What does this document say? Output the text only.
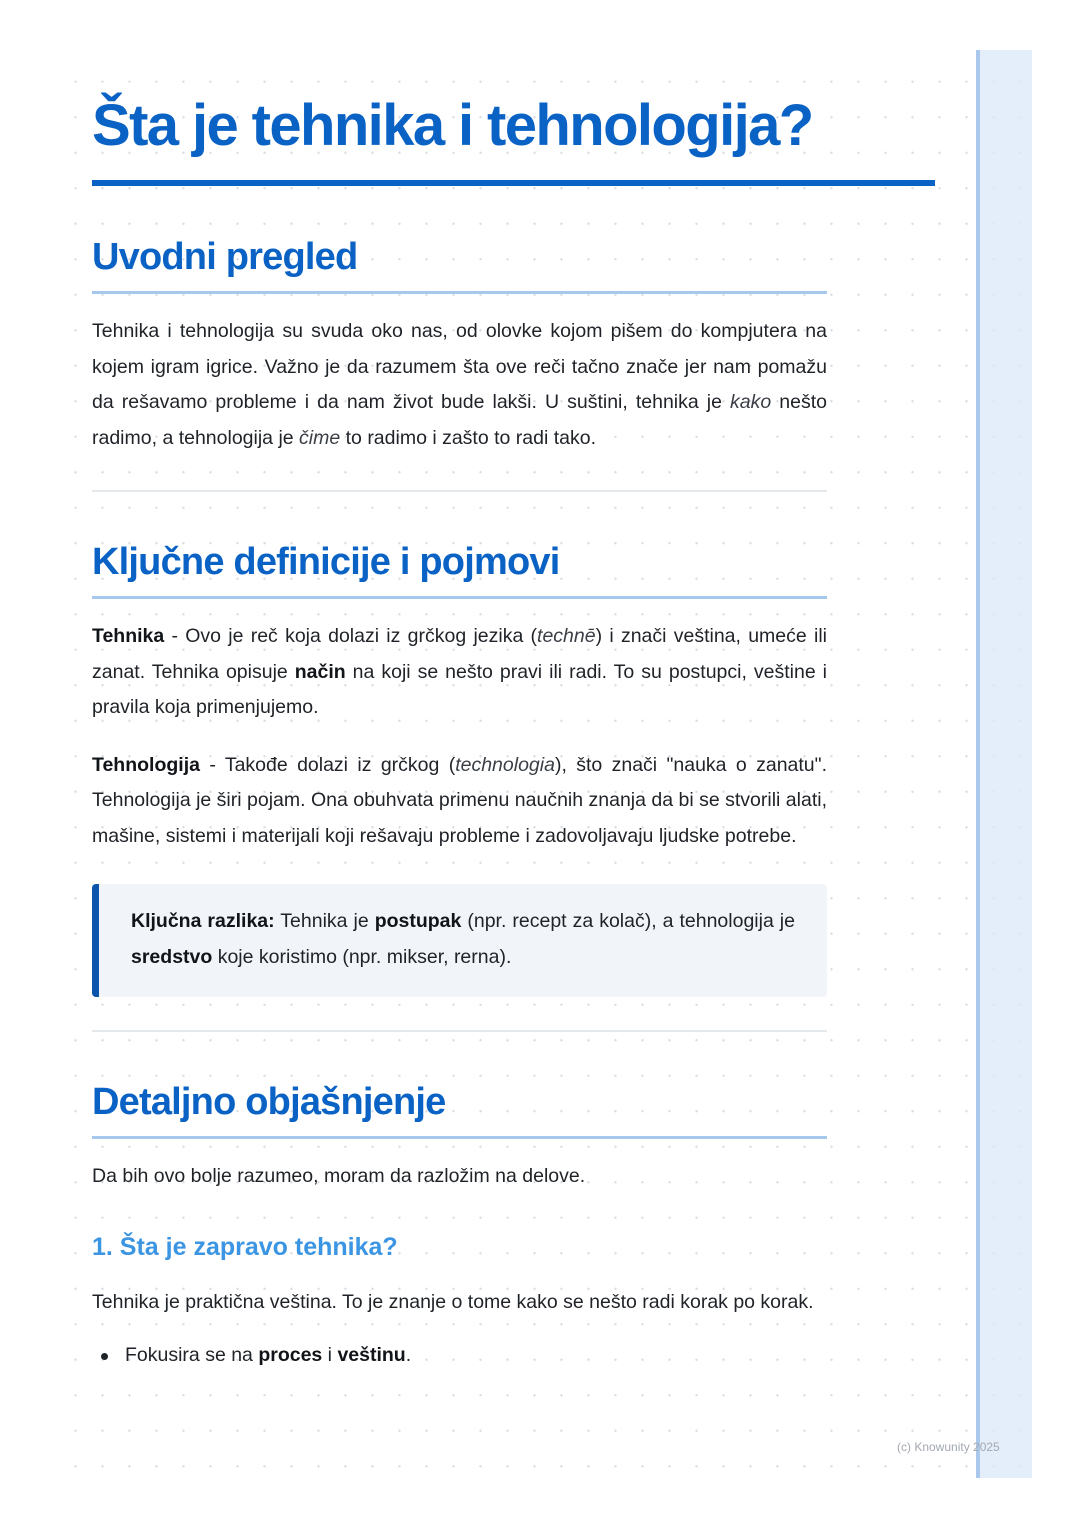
Šta je tehnika i tehnologija?
Uvodni pregled

Tehnika i tehnologija su svuda oko nas, od olovke kojom pišem do kompjutera na kojem igram igrice. Važno je da razumem šta ove reči tačno znače jer nam pomažu da rešavamo probleme i da nam život bude lakši. U suštini, tehnika je kako nešto radimo, a tehnologija je čime to radimo i zašto to radi tako.

Ključne definicije i pojmovi

Tehnika - Ovo je reč koja dolazi iz grčkog jezika (technē) i znači veština, umeće ili zanat. Tehnika opisuje način na koji se nešto pravi ili radi. To su postupci, veštine i pravila koja primenjujemo.

Tehnologija - Takođe dolazi iz grčkog (technologia), što znači "nauka o zanatu". Tehnologija je širi pojam. Ona obuhvata primenu naučnih znanja da bi se stvorili alati, mašine, sistemi i materijali koji rešavaju probleme i zadovoljavaju ljudske potrebe.

Ključna razlika: Tehnika je postupak (npr. recept za kolač), a tehnologija je sredstvo koje koristimo (npr. mikser, rerna).

Detaljno objašnjenje

Da bih ovo bolje razumeo, moram da razložim na delove.

1. Šta je zapravo tehnika?

Tehnika je praktična veština. To je znanje o tome kako se nešto radi korak po korak.

Fokusira se na proces i veštinu.
(c) Knowunity 2025
